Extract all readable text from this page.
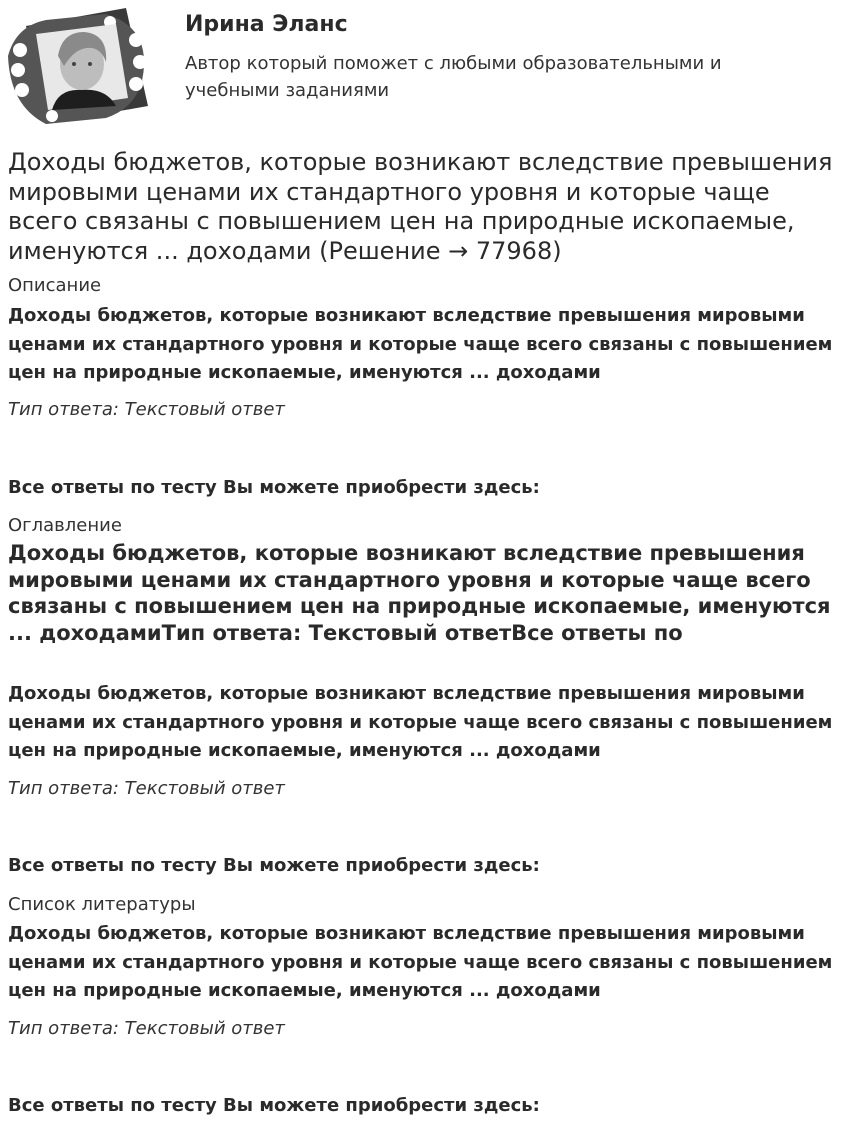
Ирина Эланс
Автор который поможет с любыми образовательными и учебными заданиями
Доходы бюджетов, которые возникают вследствие превышения мировыми ценами их стандартного уровня и которые чаще всего связаны с повышением цен на природные ископаемые, именуются ... доходами (Решение → 77968)
Описание
Доходы бюджетов, которые возникают вследствие превышения мировыми ценами их стандартного уровня и которые чаще всего связаны с повышением цен на природные ископаемые, именуются ... доходами
Тип ответа: Текстовый ответ
Все ответы по тесту Вы можете приобрести здесь:
Оглавление
Доходы бюджетов, которые возникают вследствие превышения мировыми ценами их стандартного уровня и которые чаще всего связаны с повышением цен на природные ископаемые, именуются ... доходамиТип ответа: Текстовый ответВсе ответы по
Доходы бюджетов, которые возникают вследствие превышения мировыми ценами их стандартного уровня и которые чаще всего связаны с повышением цен на природные ископаемые, именуются ... доходами
Тип ответа: Текстовый ответ
Все ответы по тесту Вы можете приобрести здесь:
Список литературы
Доходы бюджетов, которые возникают вследствие превышения мировыми ценами их стандартного уровня и которые чаще всего связаны с повышением цен на природные ископаемые, именуются ... доходами
Тип ответа: Текстовый ответ
Все ответы по тесту Вы можете приобрести здесь:
